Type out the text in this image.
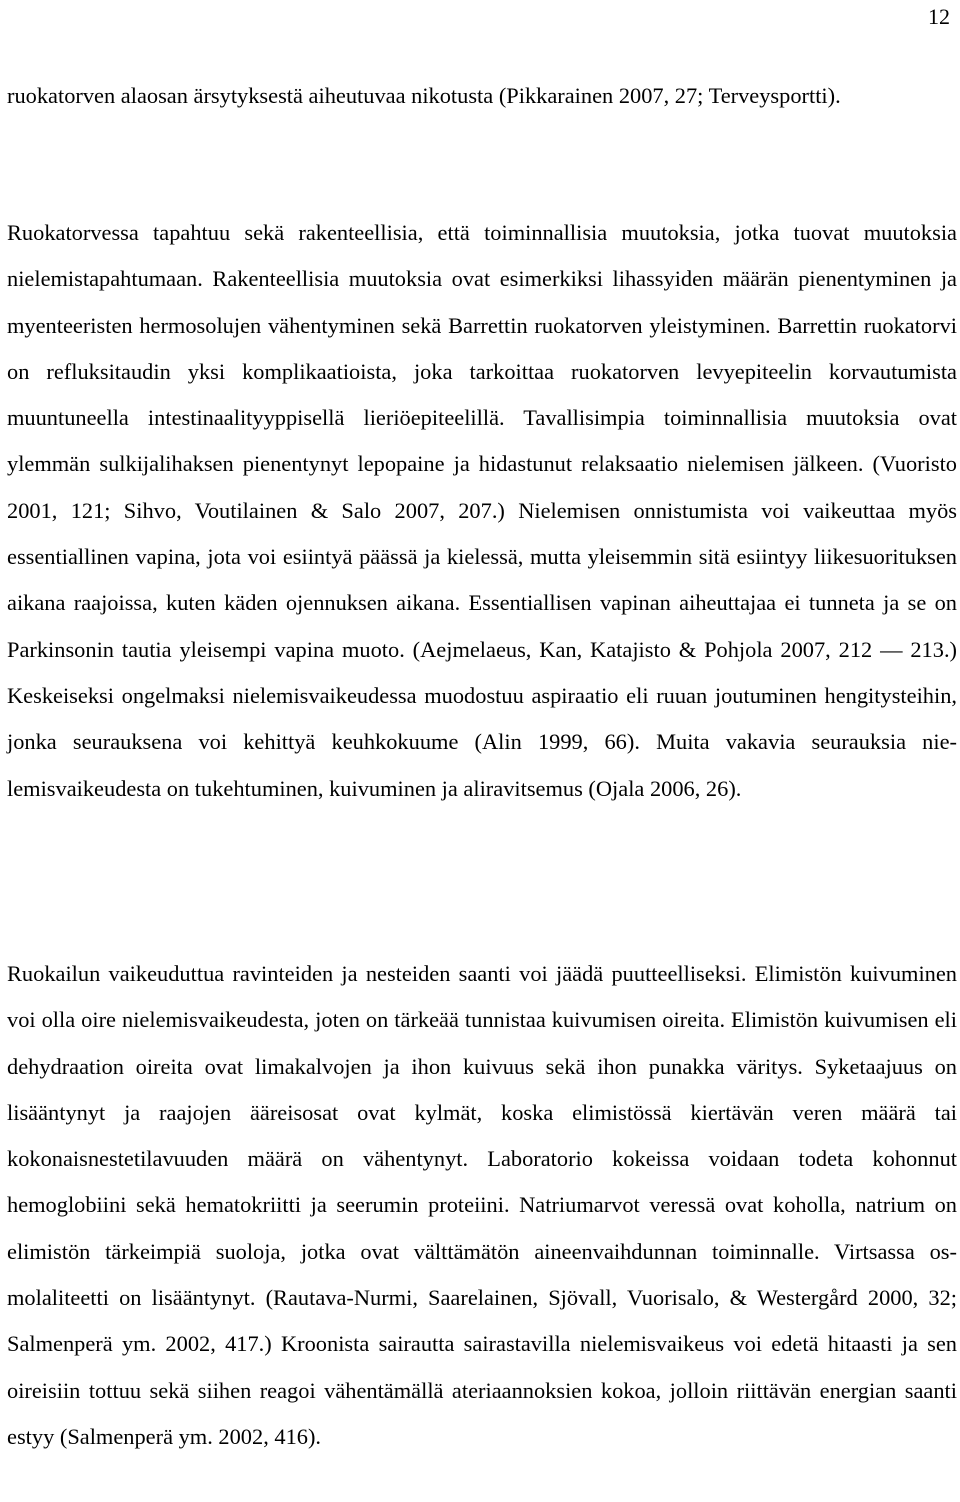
12

ruokatorven alaosan ärsytyksestä aiheutuvaa nikotusta (Pikkarainen 2007, 27; Terveysportti).

Ruokatorvessa tapahtuu sekä rakenteellisia, että toiminnallisia muutoksia, jotka tuovat muutoksia nielemistapahtumaan. Rakenteellisia muutoksia ovat esimerkiksi lihassyiden määrän pienentyminen ja myenteeristen hermosolujen vähentyminen sekä Barrettin ruokatorven yleistyminen. Barrettin ruokatorvi on refluksitaudin yksi komplikaatioista, joka tarkoittaa ruokatorven levyepiteelin korvautumista muuntuneella intestinaalityyppisellä lieriöepiteelillä. Tavallisimpia toiminnallisia muutoksia ovat ylemmän sulkijalihaksen pienentynyt lepopaine ja hidastunut relaksaatio nielemisen jälkeen. (Vuoristo 2001, 121; Sihvo, Voutilainen & Salo 2007, 207.) Nielemisen onnistumista voi vaikeuttaa myös essentiallinen vapina, jota voi esiintyä päässä ja kielessä, mutta yleisemmin sitä esiintyy liikesuorituksen aikana raajoissa, kuten käden ojennuksen aikana. Essentiallisen vapinan aiheuttajaa ei tunneta ja se on Parkinsonin tautia yleisempi vapina muoto. (Aejmelaeus, Kan, Katajisto & Pohjola 2007, 212 — 213.) Keskeiseksi ongelmaksi nielemisvaikeudessa muodostuu aspiraatio eli ruuan joutuminen hengitysteihin, jonka seurauksena voi kehittyä keuhkokuume (Alin 1999, 66). Muita vakavia seurauksia nielemisvaikeudesta on tukehtuminen, kuivuminen ja aliravitsemus (Ojala 2006, 26).

Ruokailun vaikeuduttua ravinteiden ja nesteiden saanti voi jäädä puutteelliseksi. Elimistön kuivuminen voi olla oire nielemisvaikeudesta, joten on tärkeää tunnistaa kuivumisen oireita. Elimistön kuivumisen eli dehydraation oireita ovat limakalvojen ja ihon kuivuus sekä ihon punakka väritys. Syketaajuus on lisääntynyt ja raajojen ääreisosat ovat kylmät, koska elimistössä kiertävän veren määrä tai kokonaisnestetilavuuden määrä on vähentynyt. Laboratorio kokeissa voidaan todeta kohonnut hemoglobiini sekä hematokriitti ja seerumin proteiini. Natriumarvot veressä ovat koholla, natrium on elimistön tärkeimpiä suoloja, jotka ovat välttämätön aineenvaihdunnan toiminnalle. Virtsassa osmolaliteetti on lisääntynyt. (Rautava-Nurmi, Saarelainen, Sjövall, Vuorisalo, & Westergård 2000, 32; Salmenperä ym. 2002, 417.) Kroonista sairautta sairastavilla nielemisvaikeus voi edetä hitaasti ja sen oireisiin tottuu sekä siihen reagoi vähentämällä ateriaannoksien kokoa, jolloin riittävän energian saanti estyy (Salmenperä ym. 2002, 416).
